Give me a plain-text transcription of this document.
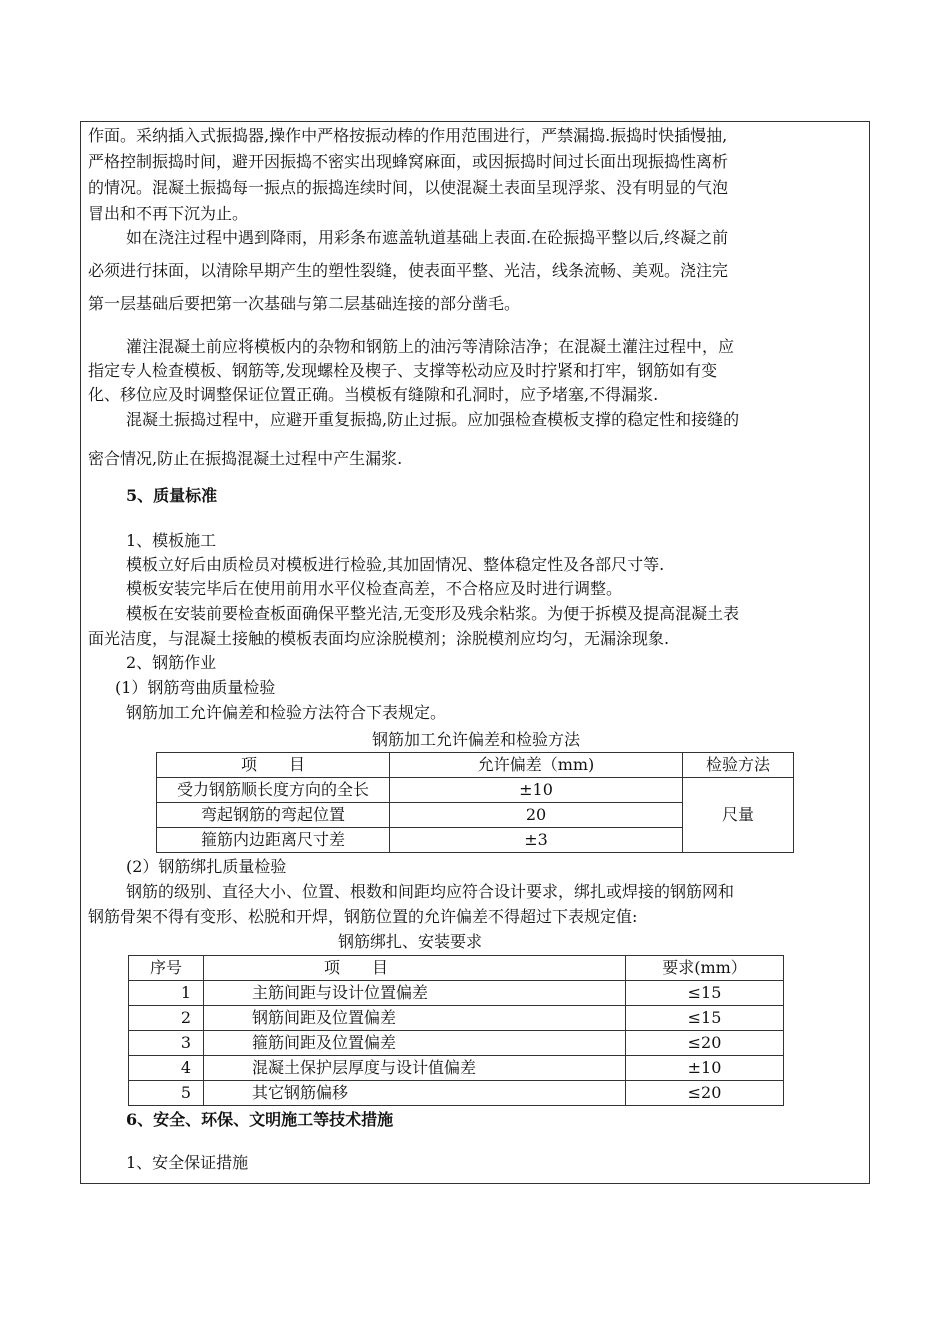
作面。采纳插入式振捣器,操作中严格按振动棒的作用范围进行，严禁漏捣.振捣时快插慢抽,

严格控制振捣时间，避开因振捣不密实出现蜂窝麻面，或因振捣时间过长面出现振捣性离析

的情况。混凝土振捣每一振点的振捣连续时间，以使混凝土表面呈现浮浆、没有明显的气泡

冒出和不再下沉为止。

如在浇注过程中遇到降雨，用彩条布遮盖轨道基础上表面.在砼振捣平整以后,终凝之前

必须进行抹面，以清除早期产生的塑性裂缝，使表面平整、光洁，线条流畅、美观。浇注完

第一层基础后要把第一次基础与第二层基础连接的部分凿毛。

灌注混凝土前应将模板内的杂物和钢筋上的油污等清除洁净；在混凝土灌注过程中，应

指定专人检查模板、钢筋等,发现螺栓及楔子、支撑等松动应及时拧紧和打牢，钢筋如有变

化、移位应及时调整保证位置正确。当模板有缝隙和孔洞时，应予堵塞,不得漏浆.

混凝土振捣过程中，应避开重复振捣,防止过振。应加强检查模板支撑的稳定性和接缝的

密合情况,防止在振捣混凝土过程中产生漏浆.

5、质量标准

1、模板施工

模板立好后由质检员对模板进行检验,其加固情况、整体稳定性及各部尺寸等.

模板安装完毕后在使用前用水平仪检查高差，不合格应及时进行调整。

模板在安装前要检查板面确保平整光洁,无变形及残余粘浆。为便于拆模及提高混凝土表

面光洁度，与混凝土接触的模板表面均应涂脱模剂；涂脱模剂应均匀，无漏涂现象.

2、钢筋作业

(1）钢筋弯曲质量检验

钢筋加工允许偏差和检验方法符合下表规定。

钢筋加工允许偏差和检验方法
项　　目	允许偏差（mm)	检验方法
受力钢筋顺长度方向的全长	±10	尺量
弯起钢筋的弯起位置	20	
箍筋内边距离尺寸差	±3	

(2）钢筋绑扎质量检验

钢筋的级别、直径大小、位置、根数和间距均应符合设计要求，绑扎或焊接的钢筋网和

钢筋骨架不得有变形、松脱和开焊，钢筋位置的允许偏差不得超过下表规定值:

钢筋绑扎、安装要求
序号	项　　目	要求(mm）
1	主筋间距与设计位置偏差	≤15
2	钢筋间距及位置偏差	≤15
3	箍筋间距及位置偏差	≤20
4	混凝土保护层厚度与设计值偏差	±10
5	其它钢筋偏移	≤20

6、安全、环保、文明施工等技术措施

1、安全保证措施
